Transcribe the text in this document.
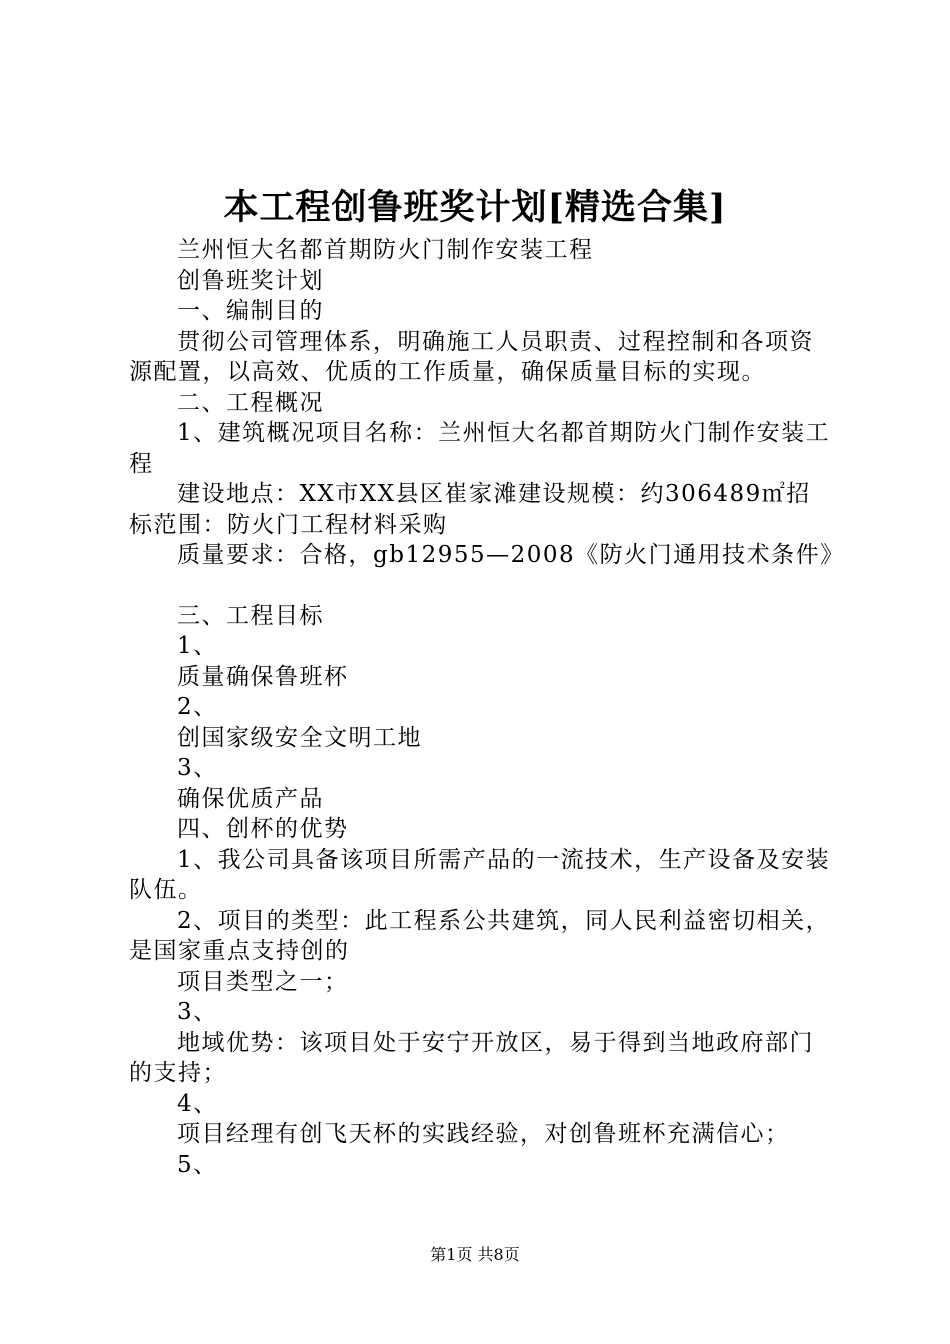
本工程创鲁班奖计划[精选合集]

兰州恒大名都首期防火门制作安装工程

创鲁班奖计划

一、编制目的

贯彻公司管理体系，明确施工人员职责、过程控制和各项资源配置，以高效、优质的工作质量，确保质量目标的实现。

二、工程概况

1、建筑概况项目名称：兰州恒大名都首期防火门制作安装工程

建设地点：XX市XX县区崔家滩建设规模：约306489㎡招标范围：防火门工程材料采购

质量要求：合格，gb12955—2008《防火门通用技术条件》

三、工程目标

1、

质量确保鲁班杯

2、

创国家级安全文明工地

3、

确保优质产品

四、创杯的优势

1、我公司具备该项目所需产品的一流技术，生产设备及安装队伍。

2、项目的类型：此工程系公共建筑，同人民利益密切相关，是国家重点支持创的

项目类型之一；

3、

地域优势：该项目处于安宁开放区，易于得到当地政府部门的支持；

4、

项目经理有创飞天杯的实践经验，对创鲁班杯充满信心；

5、

第1页 共8页
